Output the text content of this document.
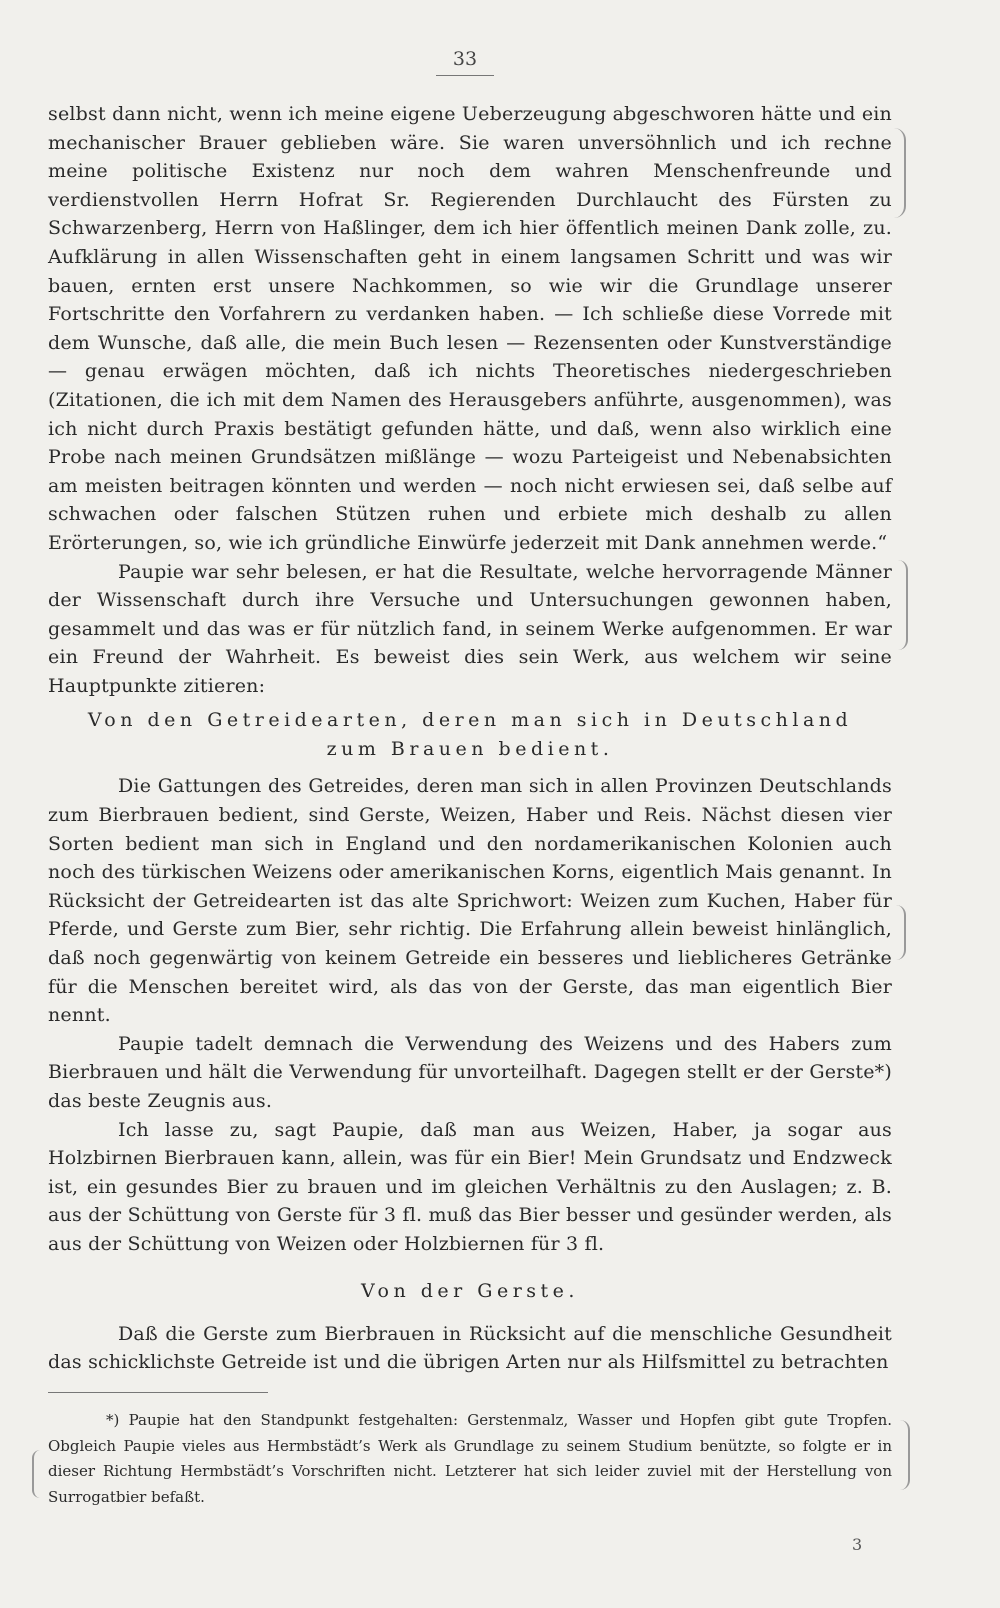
33

selbst dann nicht, wenn ich meine eigene Ueberzeugung abgeschworen hätte und ein mechanischer Brauer geblieben wäre. Sie waren unversöhnlich und ich rechne meine politische Existenz nur noch dem wahren Menschenfreunde und verdienstvollen Herrn Hofrat Sr. Regierenden Durchlaucht des Fürsten zu Schwarzenberg, Herrn von Haßlinger, dem ich hier öffentlich meinen Dank zolle, zu. Aufklärung in allen Wissenschaften geht in einem langsamen Schritt und was wir bauen, ernten erst unsere Nachkommen, so wie wir die Grundlage unserer Fortschritte den Vorfahrern zu verdanken haben. — Ich schließe diese Vorrede mit dem Wunsche, daß alle, die mein Buch lesen — Rezensenten oder Kunstverständige — genau erwägen möchten, daß ich nichts Theoretisches niedergeschrieben (Zitationen, die ich mit dem Namen des Herausgebers anführte, ausgenommen), was ich nicht durch Praxis bestätigt gefunden hätte, und daß, wenn also wirklich eine Probe nach meinen Grundsätzen mißlänge — wozu Parteigeist und Nebenabsichten am meisten beitragen könnten und werden — noch nicht erwiesen sei, daß selbe auf schwachen oder falschen Stützen ruhen und erbiete mich deshalb zu allen Erörterungen, so, wie ich gründliche Einwürfe jederzeit mit Dank annehmen werde.“

Paupie war sehr belesen, er hat die Resultate, welche hervorragende Männer der Wissenschaft durch ihre Versuche und Untersuchungen gewonnen haben, gesammelt und das was er für nützlich fand, in seinem Werke aufgenommen. Er war ein Freund der Wahrheit. Es beweist dies sein Werk, aus welchem wir seine Hauptpunkte zitieren:

Von den Getreidearten, deren man sich in Deutschland
zum Brauen bedient.

Die Gattungen des Getreides, deren man sich in allen Provinzen Deutschlands zum Bierbrauen bedient, sind Gerste, Weizen, Haber und Reis. Nächst diesen vier Sorten bedient man sich in England und den nordamerikanischen Kolonien auch noch des türkischen Weizens oder amerikanischen Korns, eigentlich Mais genannt. In Rücksicht der Getreidearten ist das alte Sprichwort: Weizen zum Kuchen, Haber für Pferde, und Gerste zum Bier, sehr richtig. Die Erfahrung allein beweist hinlänglich, daß noch gegenwärtig von keinem Getreide ein besseres und lieblicheres Getränke für die Menschen bereitet wird, als das von der Gerste, das man eigentlich Bier nennt.

Paupie tadelt demnach die Verwendung des Weizens und des Habers zum Bierbrauen und hält die Verwendung für unvorteilhaft. Dagegen stellt er der Gerste*) das beste Zeugnis aus.

Ich lasse zu, sagt Paupie, daß man aus Weizen, Haber, ja sogar aus Holzbirnen Bierbrauen kann, allein, was für ein Bier! Mein Grundsatz und Endzweck ist, ein gesundes Bier zu brauen und im gleichen Verhältnis zu den Auslagen; z. B. aus der Schüttung von Gerste für 3 fl. muß das Bier besser und gesünder werden, als aus der Schüttung von Weizen oder Holzbiernen für 3 fl.

Von der Gerste.

Daß die Gerste zum Bierbrauen in Rücksicht auf die menschliche Gesundheit das schicklichste Getreide ist und die übrigen Arten nur als Hilfsmittel zu betrachten

*) Paupie hat den Standpunkt festgehalten: Gerstenmalz, Wasser und Hopfen gibt gute Tropfen. Obgleich Paupie vieles aus Hermbstädt’s Werk als Grundlage zu seinem Studium benützte, so folgte er in dieser Richtung Hermbstädt’s Vorschriften nicht. Letzterer hat sich leider zuviel mit der Herstellung von Surrogatbier befaßt.

3
